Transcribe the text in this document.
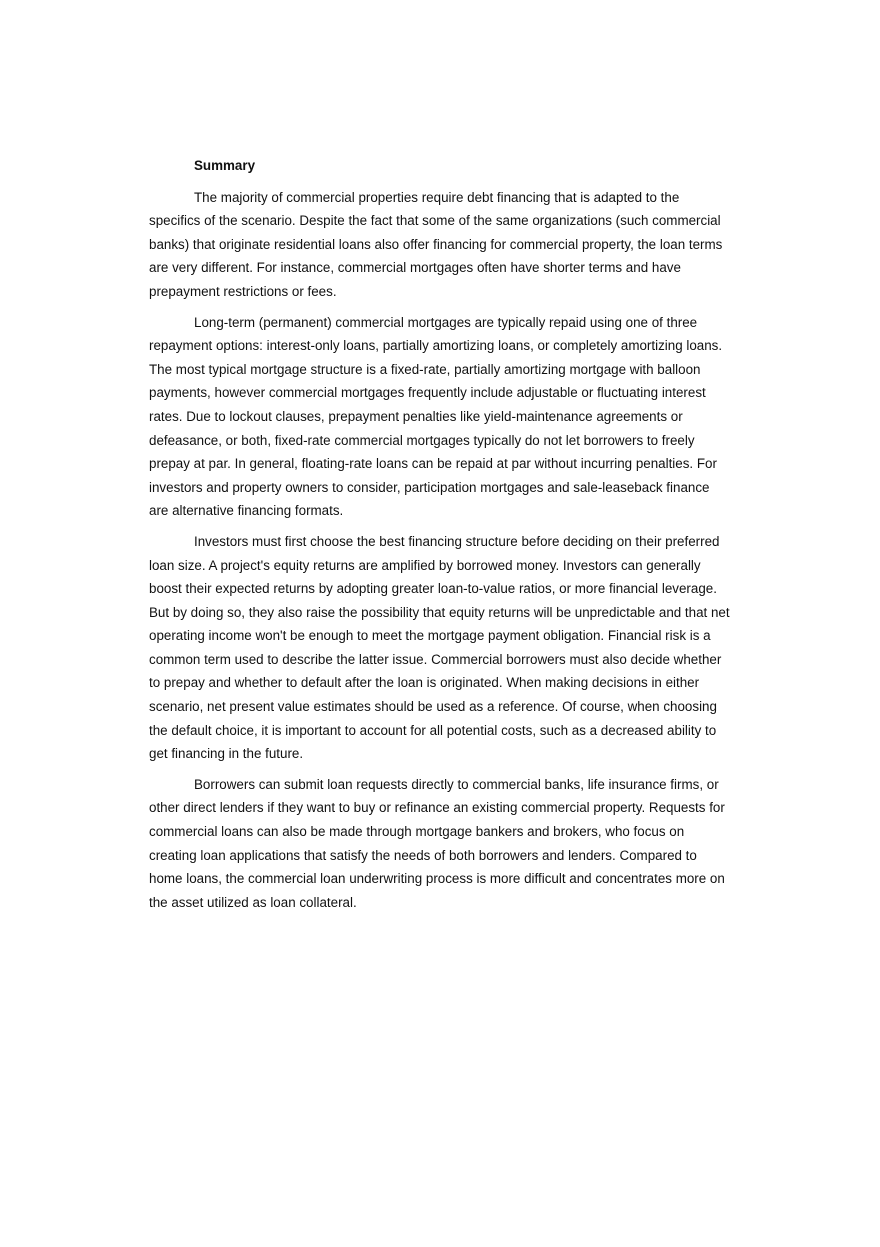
Summary

The majority of commercial properties require debt financing that is adapted to the specifics of the scenario. Despite the fact that some of the same organizations (such commercial banks) that originate residential loans also offer financing for commercial property, the loan terms are very different. For instance, commercial mortgages often have shorter terms and have prepayment restrictions or fees.

Long-term (permanent) commercial mortgages are typically repaid using one of three repayment options: interest-only loans, partially amortizing loans, or completely amortizing loans. The most typical mortgage structure is a fixed-rate, partially amortizing mortgage with balloon payments, however commercial mortgages frequently include adjustable or fluctuating interest rates. Due to lockout clauses, prepayment penalties like yield-maintenance agreements or defeasance, or both, fixed-rate commercial mortgages typically do not let borrowers to freely prepay at par. In general, floating-rate loans can be repaid at par without incurring penalties. For investors and property owners to consider, participation mortgages and sale-leaseback finance are alternative financing formats.

Investors must first choose the best financing structure before deciding on their preferred loan size. A project's equity returns are amplified by borrowed money. Investors can generally boost their expected returns by adopting greater loan-to-value ratios, or more financial leverage. But by doing so, they also raise the possibility that equity returns will be unpredictable and that net operating income won't be enough to meet the mortgage payment obligation. Financial risk is a common term used to describe the latter issue. Commercial borrowers must also decide whether to prepay and whether to default after the loan is originated. When making decisions in either scenario, net present value estimates should be used as a reference. Of course, when choosing the default choice, it is important to account for all potential costs, such as a decreased ability to get financing in the future.

Borrowers can submit loan requests directly to commercial banks, life insurance firms, or other direct lenders if they want to buy or refinance an existing commercial property. Requests for commercial loans can also be made through mortgage bankers and brokers, who focus on creating loan applications that satisfy the needs of both borrowers and lenders. Compared to home loans, the commercial loan underwriting process is more difficult and concentrates more on the asset utilized as loan collateral.
